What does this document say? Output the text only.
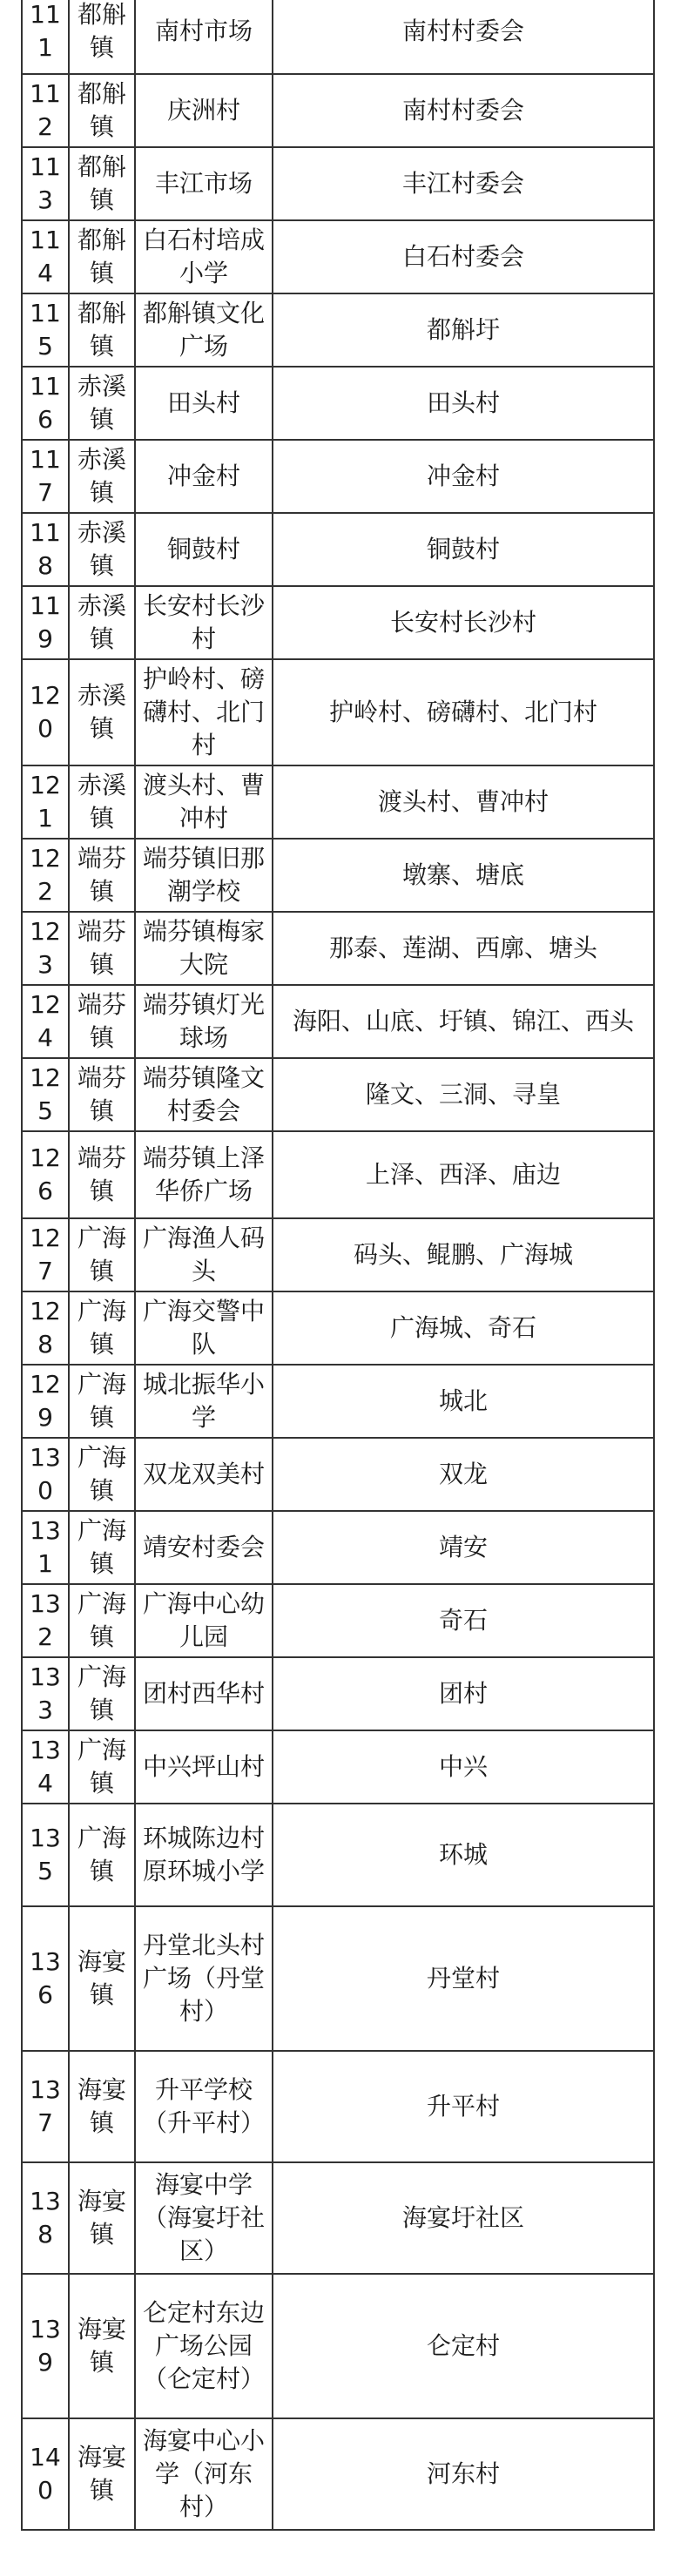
111	都斛镇	南村市场	南村村委会
112	都斛镇	庆洲村	南村村委会
113	都斛镇	丰江市场	丰江村委会
114	都斛镇	白石村培成小学	白石村委会
115	都斛镇	都斛镇文化广场	都斛圩
116	赤溪镇	田头村	田头村
117	赤溪镇	冲金村	冲金村
118	赤溪镇	铜鼓村	铜鼓村
119	赤溪镇	长安村长沙村	长安村长沙村
120	赤溪镇	护岭村、磅礴村、北门村	护岭村、磅礴村、北门村
121	赤溪镇	渡头村、曹冲村	渡头村、曹冲村
122	端芬镇	端芬镇旧那潮学校	墩寨、塘底
123	端芬镇	端芬镇梅家大院	那泰、莲湖、西廓、塘头
124	端芬镇	端芬镇灯光球场	海阳、山底、圩镇、锦江、西头
125	端芬镇	端芬镇隆文村委会	隆文、三洞、寻皇
126	端芬镇	端芬镇上泽华侨广场	上泽、西泽、庙边
127	广海镇	广海渔人码头	码头、鲲鹏、广海城
128	广海镇	广海交警中队	广海城、奇石
129	广海镇	城北振华小学	城北
130	广海镇	双龙双美村	双龙
131	广海镇	靖安村委会	靖安
132	广海镇	广海中心幼儿园	奇石
133	广海镇	团村西华村	团村
134	广海镇	中兴坪山村	中兴
135	广海镇	环城陈边村原环城小学	环城
136	海宴镇	丹堂北头村广场（丹堂村）	丹堂村
137	海宴镇	升平学校（升平村）	升平村
138	海宴镇	海宴中学（海宴圩社区）	海宴圩社区
139	海宴镇	仑定村东边广场公园（仑定村）	仑定村
140	海宴镇	海宴中心小学（河东村）	河东村
